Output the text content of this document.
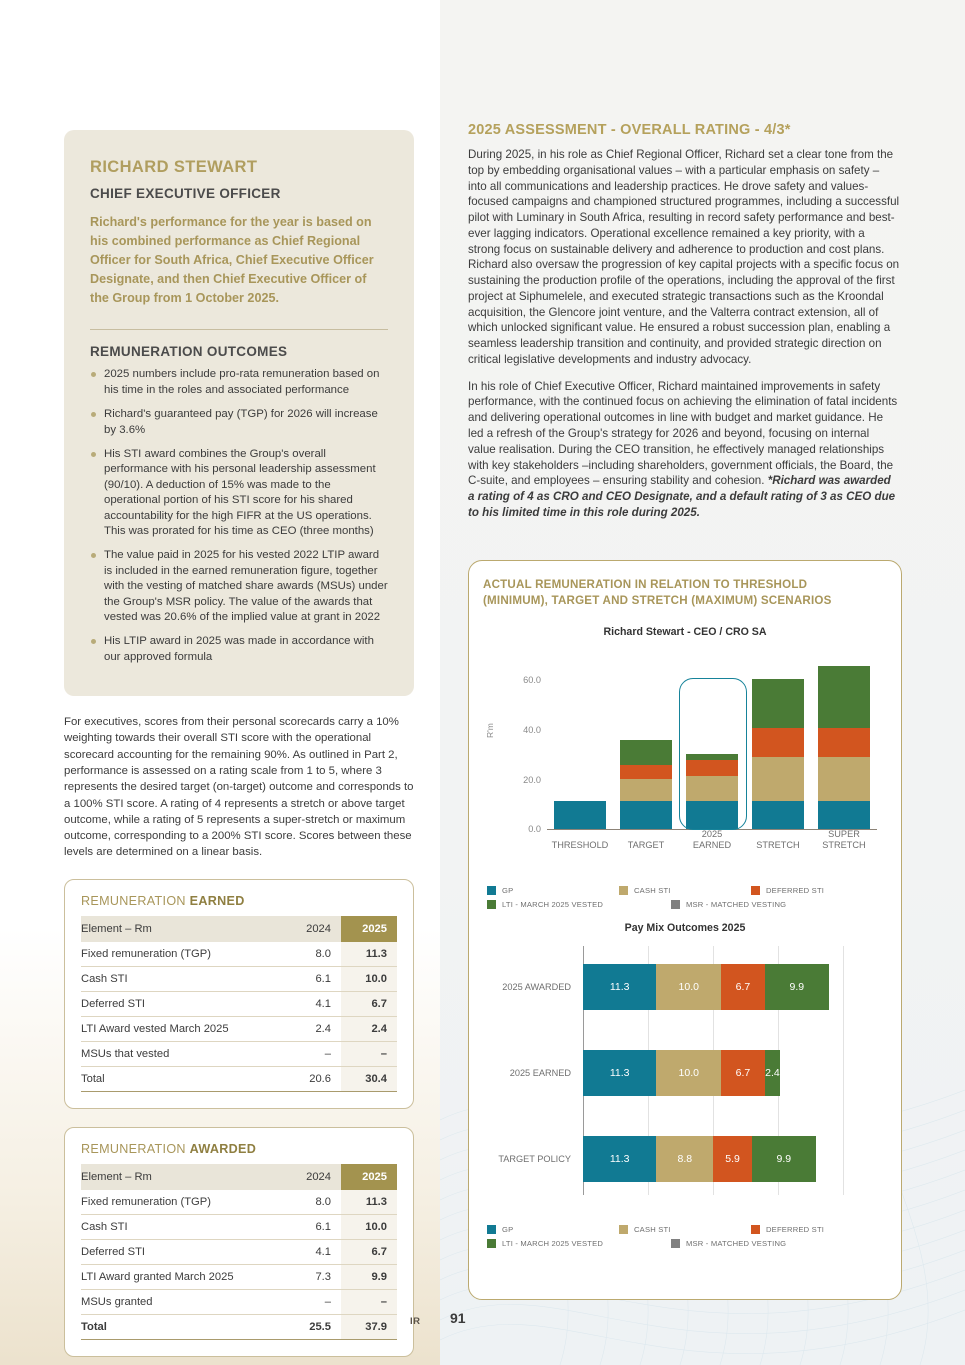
RICHARD STEWART
CHIEF EXECUTIVE OFFICER
Richard's performance for the year is based on his combined performance as Chief Regional Officer for South Africa, Chief Executive Officer Designate, and then Chief Executive Officer of the Group from 1 October 2025.
REMUNERATION OUTCOMES
2025 numbers include pro-rata remuneration based on his time in the roles and associated performance
Richard's guaranteed pay (TGP) for 2026 will increase by 3.6%
His STI award combines the Group's overall performance with his personal leadership assessment (90/10). A deduction of 15% was made to the operational portion of his STI score for his shared accountability for the high FIFR at the US operations. This was prorated for his time as CEO (three months)
The value paid in 2025 for his vested 2022 LTIP award is included in the earned remuneration figure, together with the vesting of matched share awards (MSUs) under the Group's MSR policy. The value of the awards that vested was 20.6% of the implied value at grant in 2022
His LTIP award in 2025 was made in accordance with our approved formula
For executives, scores from their personal scorecards carry a 10% weighting towards their overall STI score with the operational scorecard accounting for the remaining 90%. As outlined in Part 2, performance is assessed on a rating scale from 1 to 5, where 3 represents the desired target (on-target) outcome and corresponds to a 100% STI score. A rating of 4 represents a stretch or above target outcome, while a rating of 5 represents a super-stretch or maximum outcome, corresponding to a 200% STI score. Scores between these levels are determined on a linear basis.
REMUNERATION EARNED
Element – Rm	2024	2025
Fixed remuneration (TGP)	8.0	11.3
Cash STI	6.1	10.0
Deferred STI	4.1	6.7
LTI Award vested March 2025	2.4	2.4
MSUs that vested	–	–
Total	20.6	30.4
REMUNERATION AWARDED
Element – Rm	2024	2025
Fixed remuneration (TGP)	8.0	11.3
Cash STI	6.1	10.0
Deferred STI	4.1	6.7
LTI Award granted March 2025	7.3	9.9
MSUs granted	–	–
Total	25.5	37.9
2025 ASSESSMENT - OVERALL RATING - 4/3*
During 2025, in his role as Chief Regional Officer, Richard set a clear tone from the top by embedding organisational values – with a particular emphasis on safety – into all communications and leadership practices. He drove safety and values-focused campaigns and championed structured programmes, including a successful pilot with Luminary in South Africa, resulting in record safety performance and best-ever lagging indicators. Operational excellence remained a key priority, with a strong focus on sustainable delivery and adherence to production and cost plans. Richard also oversaw the progression of key capital projects with a specific focus on sustaining the production profile of the operations, including the approval of the first project at Siphumelele, and executed strategic transactions such as the Kroondal acquisition, the Glencore joint venture, and the Valterra contract extension, all of which unlocked significant value. He ensured a robust succession plan, enabling a seamless leadership transition and continuity, and provided strategic direction on critical legislative developments and industry advocacy.
In his role of Chief Executive Officer, Richard maintained improvements in safety performance, with the continued focus on achieving the elimination of fatal incidents and delivering operational outcomes in line with budget and market guidance. He led a refresh of the Group's strategy for 2026 and beyond, focusing on internal value realisation. During the CEO transition, he effectively managed relationships with key stakeholders –including shareholders, government officials, the Board, the C-suite, and employees – ensuring stability and cohesion. *Richard was awarded a rating of 4 as CRO and CEO Designate, and a default rating of 3 as CEO due to his limited time in this role during 2025.
ACTUAL REMUNERATION IN RELATION TO THRESHOLD
(MINIMUM), TARGET AND STRETCH (MAXIMUM) SCENARIOS
Richard Stewart - CEO / CRO SA
R'm
0.0
20.0
40.0
60.0
THRESHOLD	TARGET
2025
EARNED	STRETCH
SUPER
STRETCH
GP	CASH STI	DEFERRED STI
LTI - MARCH 2025 VESTED	MSR - MATCHED VESTING
Pay Mix Outcomes 2025
2025 AWARDED	11.3	10.0	6.7	9.9
2025 EARNED	11.3	10.0	6.7	2.4
TARGET POLICY	11.3	8.8	5.9	9.9
GP	CASH STI	DEFERRED STI
LTI - MARCH 2025 VESTED	MSR - MATCHED VESTING
IR 91
